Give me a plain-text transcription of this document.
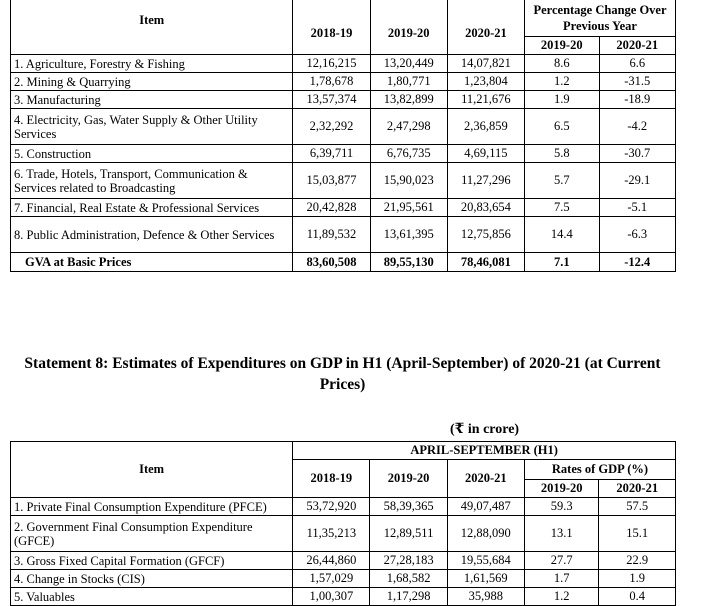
Item	2018-19	2019-20	2020-21	Percentage Change Over Previous Year	
				2019-20	2020-21
1. Agriculture, Forestry & Fishing	12,16,215	13,20,449	14,07,821	8.6	6.6
2. Mining & Quarrying	1,78,678	1,80,771	1,23,804	1.2	-31.5
3. Manufacturing	13,57,374	13,82,899	11,21,676	1.9	-18.9
4. Electricity, Gas, Water Supply & Other Utility Services	2,32,292	2,47,298	2,36,859	6.5	-4.2
5. Construction	6,39,711	6,76,735	4,69,115	5.8	-30.7
6. Trade, Hotels, Transport, Communication & Services related to Broadcasting	15,03,877	15,90,023	11,27,296	5.7	-29.1
7. Financial, Real Estate & Professional Services	20,42,828	21,95,561	20,83,654	7.5	-5.1
8. Public Administration, Defence & Other Services	11,89,532	13,61,395	12,75,856	14.4	-6.3
GVA at Basic Prices	83,60,508	89,55,130	78,46,081	7.1	-12.4
Statement 8: Estimates of Expenditures on GDP in H1 (April-September) of 2020-21 (at Current Prices)
(₹ in crore)
Item	APRIL-SEPTEMBER (H1)				
	2018-19	2019-20	2020-21	Rates of GDP (%)	
				2019-20	2020-21
1. Private Final Consumption Expenditure (PFCE)	53,72,920	58,39,365	49,07,487	59.3	57.5
2. Government Final Consumption Expenditure (GFCE)	11,35,213	12,89,511	12,88,090	13.1	15.1
3. Gross Fixed Capital Formation (GFCF)	26,44,860	27,28,183	19,55,684	27.7	22.9
4. Change in Stocks (CIS)	1,57,029	1,68,582	1,61,569	1.7	1.9
5. Valuables	1,00,307	1,17,298	35,988	1.2	0.4
